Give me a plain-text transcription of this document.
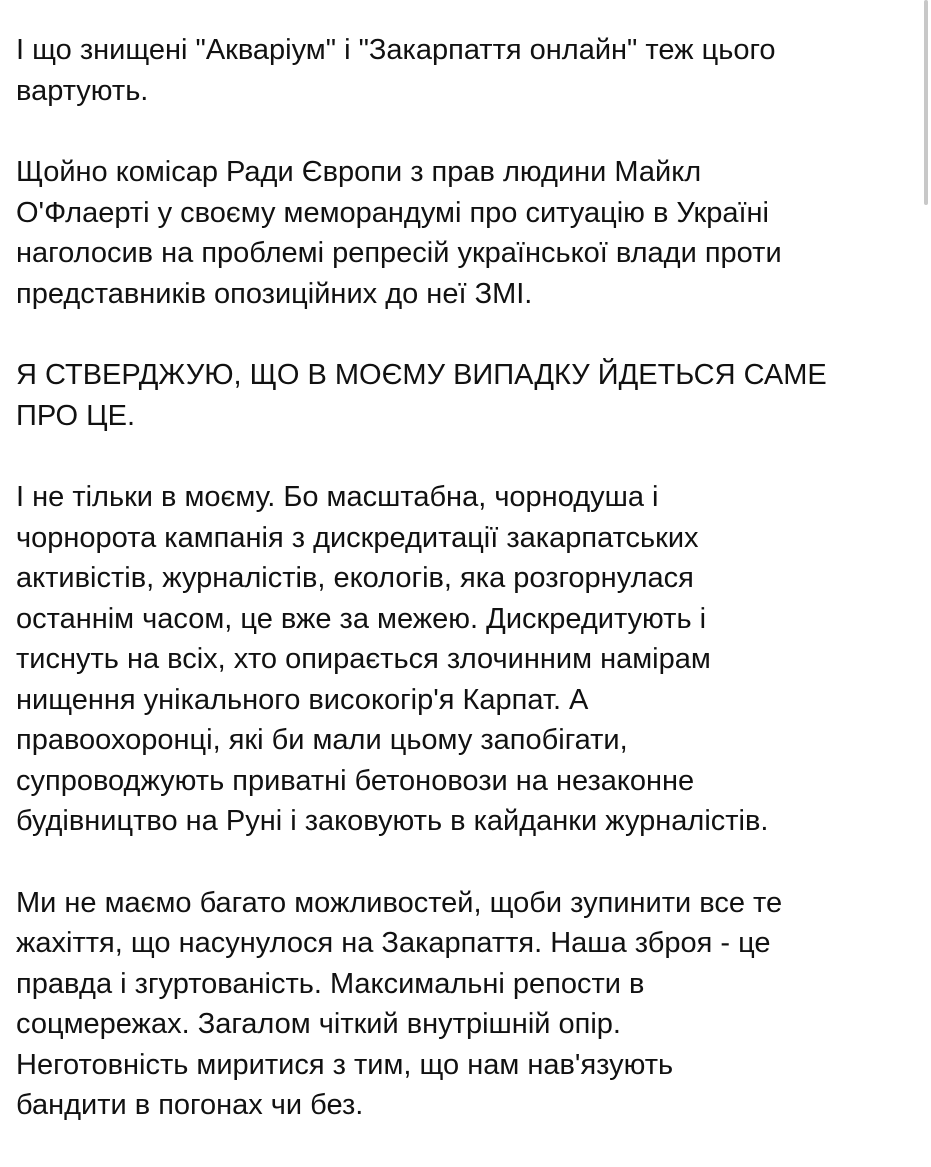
І що знищені "Акваріум" і "Закарпаття онлайн" теж цього
вартують.

Щойно комісар Ради Європи з прав людини Майкл
О'Флаерті у своєму меморандумі про ситуацію в Україні
наголосив на проблемі репресій української влади проти
представників опозиційних до неї ЗМІ.

Я СТВЕРДЖУЮ, ЩО В МОЄМУ ВИПАДКУ ЙДЕТЬСЯ САМЕ
ПРО ЦЕ.

І не тільки в моєму. Бо масштабна, чорнодуша і
чорнорота кампанія з дискредитації закарпатських
активістів, журналістів, екологів, яка розгорнулася
останнім часом, це вже за межею. Дискредитують і
тиснуть на всіх, хто опирається злочинним намірам
нищення унікального високогір'я Карпат. А
правоохоронці, які би мали цьому запобігати,
супроводжують приватні бетоновози на незаконне
будівництво на Руні і заковують в кайданки журналістів.

Ми не маємо багато можливостей, щоби зупинити все те
жахіття, що насунулося на Закарпаття. Наша зброя - це
правда і згуртованість. Максимальні репости в
соцмережах. Загалом чіткий внутрішній опір.
Неготовність миритися з тим, що нам нав'язують
бандити в погонах чи без.
